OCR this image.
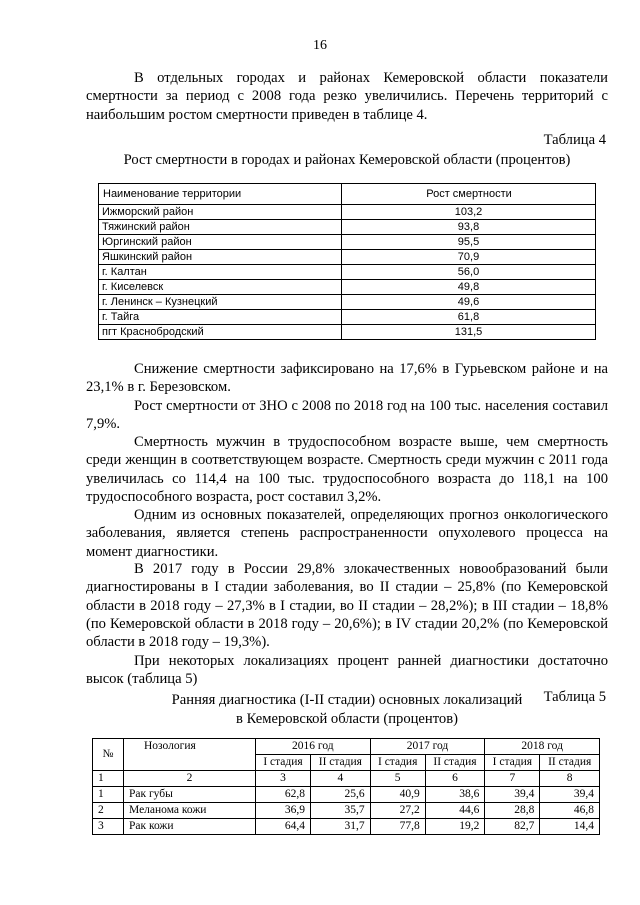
16
В отдельных городах и районах Кемеровской области показатели смертности за период с 2008 года резко увеличились. Перечень территорий с наибольшим ростом смертности приведен в таблице 4.
Таблица 4
Рост смертности в городах и районах Кемеровской области (процентов)
Наименование территории	Рост смертности
Ижморский район	103,2
Тяжинский район	93,8
Юргинский район	95,5
Яшкинский район	70,9
г. Калтан	56,0
г. Киселевск	49,8
г. Ленинск – Кузнецкий	49,6
г. Тайга	61,8
пгт Краснобродский	131,5
Снижение смертности зафиксировано на 17,6% в Гурьевском районе и на 23,1% в г. Березовском.
Рост смертности от ЗНО с 2008 по 2018 год на 100 тыс. населения составил 7,9%.
Смертность мужчин в трудоспособном возрасте выше, чем смертность среди женщин в соответствующем возрасте. Смертность среди мужчин с 2011 года увеличилась со 114,4 на 100 тыс. трудоспособного возраста до 118,1 на 100 трудоспособного возраста, рост составил 3,2%.
Одним из основных показателей, определяющих прогноз онкологического заболевания, является степень распространенности опухолевого процесса на момент диагностики.
В 2017 году в России 29,8% злокачественных новообразований были диагностированы в I стадии заболевания, во II стадии – 25,8% (по Кемеровской области в 2018 году – 27,3% в I стадии, во II стадии – 28,2%); в III стадии – 18,8% (по Кемеровской области в 2018 году – 20,6%); в IV стадии 20,2% (по Кемеровской области в 2018 году – 19,3%).
При некоторых локализациях процент ранней диагностики достаточно высок (таблица 5)
Таблица 5
Ранняя диагностика (I-II стадии) основных локализаций
в Кемеровской области (процентов)
№	Нозология	2016 год		2017 год		2018 год	
		I стадия	II стадия	I стадия	II стадия	I стадия	II стадия
1	2	3	4	5	6	7	8
1	Рак губы	62,8	25,6	40,9	38,6	39,4	39,4
2	Меланома кожи	36,9	35,7	27,2	44,6	28,8	46,8
3	Рак кожи	64,4	31,7	77,8	19,2	82,7	14,4
